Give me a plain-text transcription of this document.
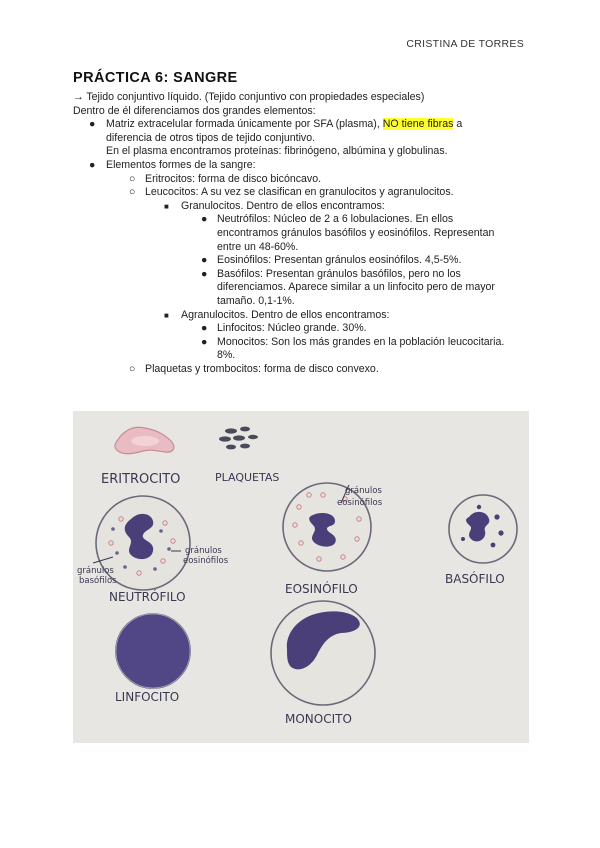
CRISTINA DE TORRES
PRÁCTICA 6: SANGRE
→ Tejido conjuntivo líquido. (Tejido conjuntivo con propiedades especiales)
Dentro de él diferenciamos dos grandes elementos:
● Matriz extracelular formada únicamente por SFA (plasma), NO tiene fibras a
diferencia de otros tipos de tejido conjuntivo.
En el plasma encontramos proteínas: fibrinógeno, albúmina y globulinas.
● Elementos formes de la sangre:
○ Eritrocitos: forma de disco bicóncavo.
○ Leucocitos: A su vez se clasifican en granulocitos y agranulocitos.
■ Granulocitos. Dentro de ellos encontramos:
● Neutrófilos: Núcleo de 2 a 6 lobulaciones. En ellos
encontramos gránulos basófilos y eosinófilos. Representan
entre un 48-60%.
● Eosinófilos: Presentan gránulos eosinófilos. 4,5-5%.
● Basófilos: Presentan gránulos basófilos, pero no los
diferenciamos. Aparece similar a un linfocito pero de mayor
tamaño. 0,1-1%.
■ Agranulocitos. Dentro de ellos encontramos:
● Linfocitos: Núcleo grande. 30%.
● Monocitos: Son los más grandes en la población leucocitaria.
8%.
○ Plaquetas y trombocitos: forma de disco convexo.
ERITROCITO	PLAQUETAS
gránulos
basófilos
gránulos
eosinófilos
NEUTRÓFILO
gránulos
eosinófilos
EOSINÓFILO
BASÓFILO
LINFOCITO
MONOCITO
